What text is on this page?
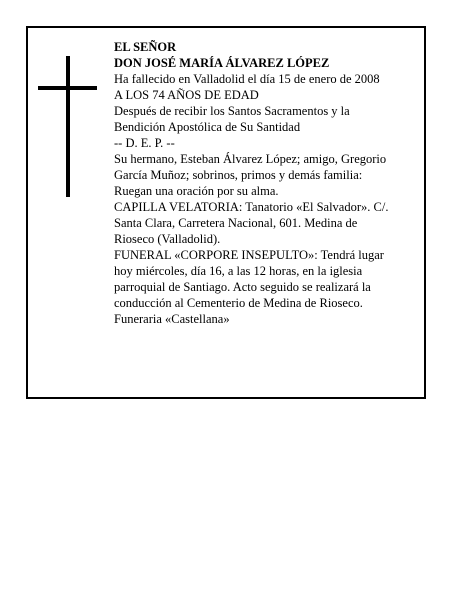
EL SEÑOR

DON JOSÉ MARÍA ÁLVAREZ LÓPEZ

Ha fallecido en Valladolid el día 15 de enero de 2008

A LOS 74 AÑOS DE EDAD

Después de recibir los Santos Sacramentos y la

Bendición Apostólica de Su Santidad

-- D. E. P. --

Su hermano, Esteban Álvarez López; amigo, Gregorio

García Muñoz; sobrinos, primos y demás familia:

Ruegan una oración por su alma.

CAPILLA VELATORIA: Tanatorio «El Salvador». C/.

Santa Clara, Carretera Nacional, 601. Medina de

Rioseco (Valladolid).

FUNERAL «CORPORE INSEPULTO»: Tendrá lugar

hoy miércoles, día 16, a las 12 horas, en la iglesia

parroquial de Santiago. Acto seguido se realizará la

conducción al Cementerio de Medina de Rioseco.

Funeraria «Castellana»
